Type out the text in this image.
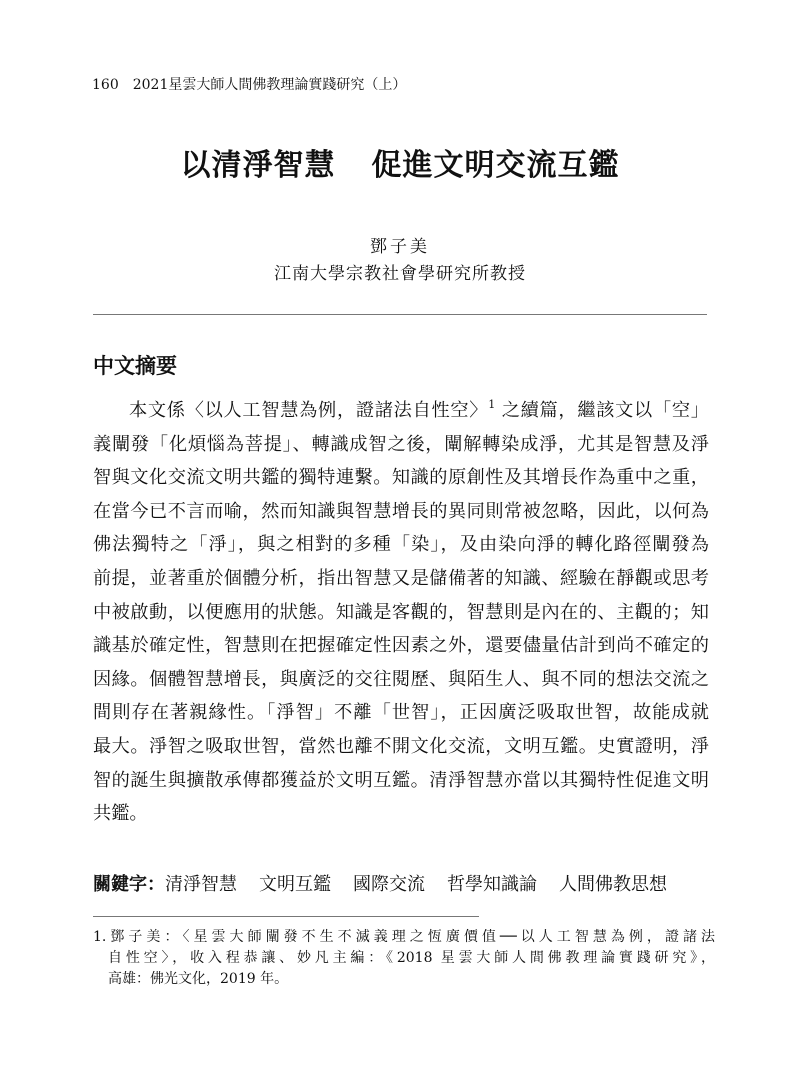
160 2021星雲大師人間佛教理論實踐研究（上）
以清淨智慧 促進文明交流互鑑
鄧子美
江南大學宗教社會學研究所教授
中文摘要
本文係〈以人工智慧為例，證諸法自性空〉$^1$ 之續篇，繼該文以「空」
義闡發「化煩惱為菩提」、轉識成智之後，闡解轉染成淨，尤其是智慧及淨
智與文化交流文明共鑑的獨特連繫。知識的原創性及其增長作為重中之重，
在當今已不言而喻，然而知識與智慧增長的異同則常被忽略，因此，以何為
佛法獨特之「淨」，與之相對的多種「染」，及由染向淨的轉化路徑闡發為
前提，並著重於個體分析，指出智慧又是儲備著的知識、經驗在靜觀或思考
中被啟動，以便應用的狀態。知識是客觀的，智慧則是內在的、主觀的；知
識基於確定性，智慧則在把握確定性因素之外，還要儘量估計到尚不確定的
因緣。個體智慧增長，與廣泛的交往閱歷、與陌生人、與不同的想法交流之
間則存在著親緣性。「淨智」不離「世智」，正因廣泛吸取世智，故能成就
最大。淨智之吸取世智，當然也離不開文化交流，文明互鑑。史實證明，淨
智的誕生與擴散承傳都獲益於文明互鑑。清淨智慧亦當以其獨特性促進文明
共鑑。
關鍵字：清淨智慧 文明互鑑 國際交流 哲學知識論 人間佛教思想
1.鄧子美：〈星雲大師闡發不生不滅義理之恆廣價值──以人工智慧為例，證諸法
自性空〉，收入程恭讓、妙凡主編：《2018 星雲大師人間佛教理論實踐研究》，
高雄：佛光文化，2019 年。
